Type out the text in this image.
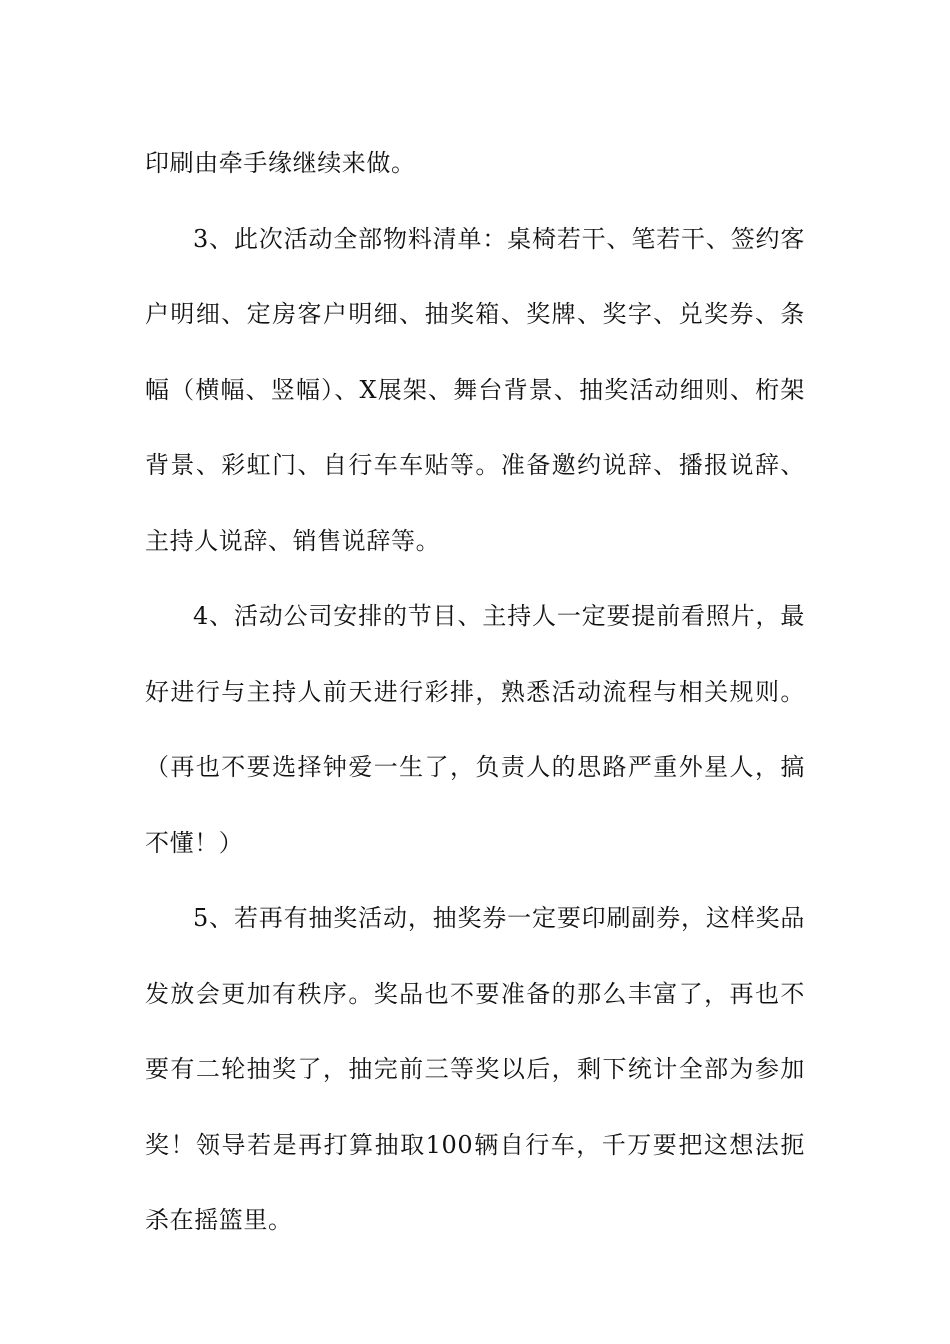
印刷由牵手缘继续来做。

3、此次活动全部物料清单：桌椅若干、笔若干、签约客户明细、定房客户明细、抽奖箱、奖牌、奖字、兑奖券、条幅（横幅、竖幅）、X展架、舞台背景、抽奖活动细则、桁架背景、彩虹门、自行车车贴等。准备邀约说辞、播报说辞、主持人说辞、销售说辞等。

4、活动公司安排的节目、主持人一定要提前看照片，最好进行与主持人前天进行彩排，熟悉活动流程与相关规则。（再也不要选择钟爱一生了，负责人的思路严重外星人，搞不懂！）

5、若再有抽奖活动，抽奖券一定要印刷副券，这样奖品发放会更加有秩序。奖品也不要准备的那么丰富了，再也不要有二轮抽奖了，抽完前三等奖以后，剩下统计全部为参加奖！领导若是再打算抽取100辆自行车，千万要把这想法扼杀在摇篮里。
